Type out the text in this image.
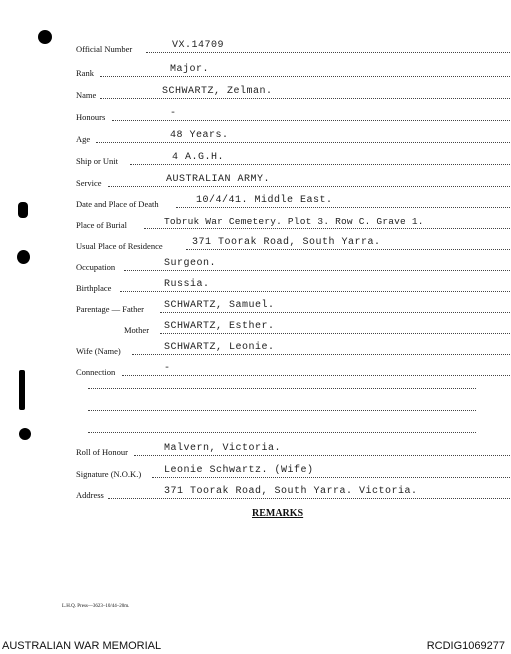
Official Number	VX.14709
Rank	Major.
Name	SCHWARTZ, Zelman.
Honours	-
Age	48 Years.
Ship or Unit	4 A.G.H.
Service	AUSTRALIAN ARMY.
Date and Place of Death	10/4/41. Middle East.
Place of Burial	Tobruk War Cemetery. Plot 3. Row C. Grave 1.
Usual Place of Residence	371 Toorak Road, South Yarra.
Occupation	Surgeon.
Birthplace	Russia.
Parentage — Father SCHWARTZ, Samuel.
Mother SCHWARTZ, Esther.
Wife (Name)	SCHWARTZ, Leonie.
Connection	-
Roll of Honour	Malvern, Victoria.
Signature (N.O.K.) Leonie Schwartz. (Wife)
Address	371 Toorak Road, South Yarra. Victoria.
REMARKS
L.H.Q. Press—3623–10/44–20m.
AUSTRALIAN WAR MEMORIAL	RCDIG1069277
